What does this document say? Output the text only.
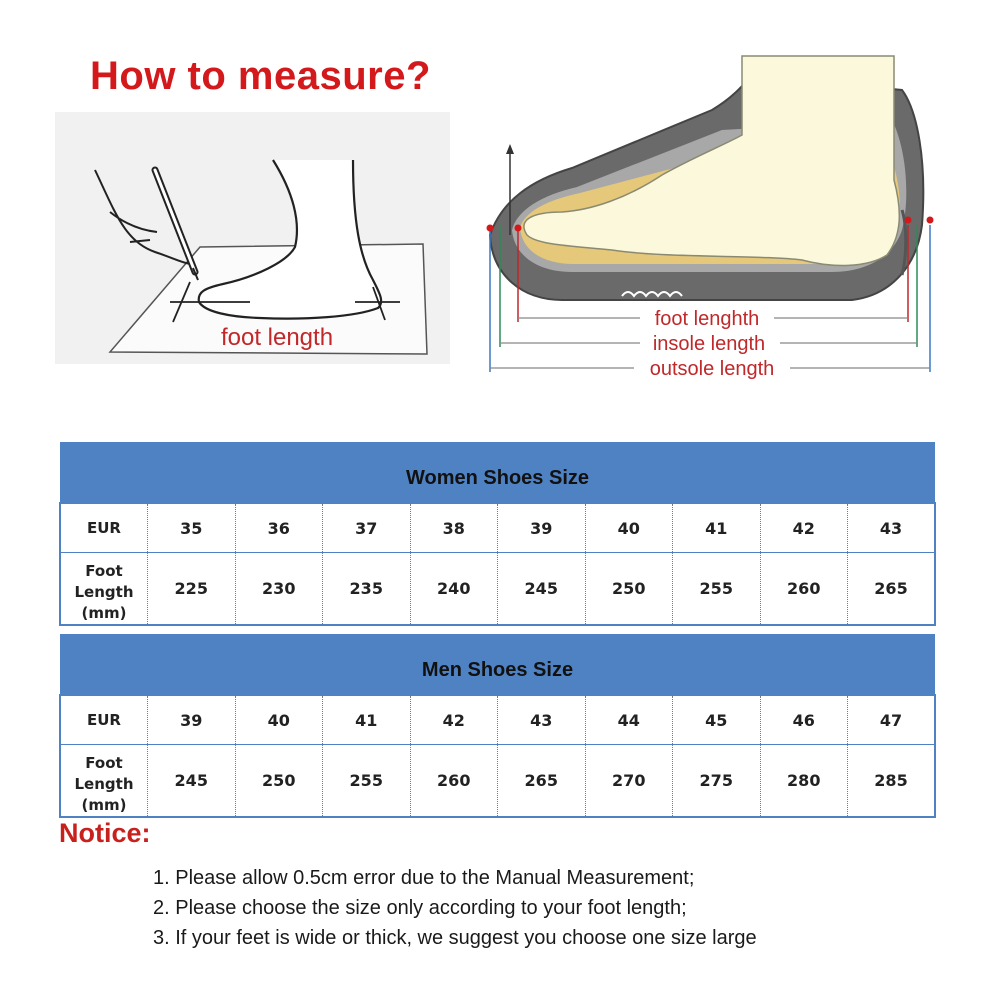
How to measure?
foot length
foot lenghth
insole length
outsole length
Women Shoes Size									
EUR	35	36	37	38	39	40	41	42	43

Foot Length
(mm)	225	230	235	240	245	250	255	260	265
Men Shoes Size									
EUR	39	40	41	42	43	44	45	46	47

Foot Length
(mm)	245	250	255	260	265	270	275	280	285
Notice:
1. Please allow 0.5cm error due to the Manual Measurement;
2. Please choose the size only according to your foot length;
3. If your feet is wide or thick, we suggest you choose one size large
